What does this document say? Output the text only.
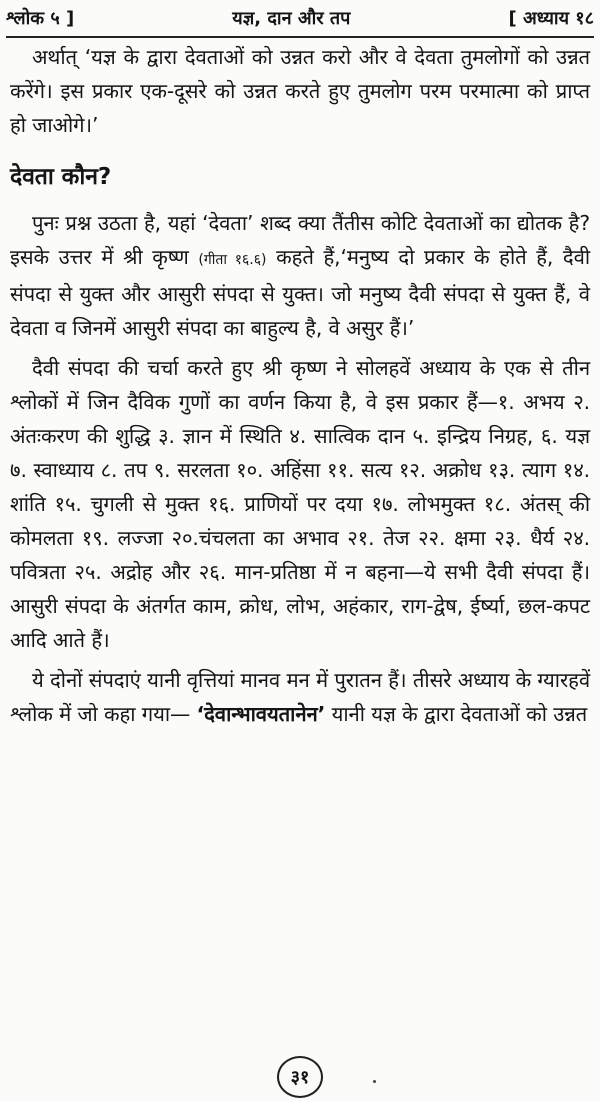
श्लोक ५ ]	यज्ञ, दान और तप	[ अध्याय १८

अर्थात् ‘यज्ञ के द्वारा देवताओं को उन्नत करो और वे देवता तुमलोगों को उन्नत करेंगे। इस प्रकार एक-दूसरे को उन्नत करते हुए तुमलोग परम परमात्मा को प्राप्त हो जाओगे।’

देवता कौन?

पुनः प्रश्न उठता है, यहां ‘देवता’ शब्द क्या तैंतीस कोटि देवताओं का द्योतक है? इसके उत्तर में श्री कृष्ण (गीता १६.६) कहते हैं,‘मनुष्य दो प्रकार के होते हैं, दैवी संपदा से युक्त और आसुरी संपदा से युक्त। जो मनुष्य दैवी संपदा से युक्त हैं, वे देवता व जिनमें आसुरी संपदा का बाहुल्य है, वे असुर हैं।’

दैवी संपदा की चर्चा करते हुए श्री कृष्ण ने सोलहवें अध्याय के एक से तीन श्लोकों में जिन दैविक गुणों का वर्णन किया है, वे इस प्रकार हैं—१. अभय २. अंतःकरण की शुद्धि ३. ज्ञान में स्थिति ४. सात्विक दान ५. इन्द्रिय निग्रह, ६. यज्ञ ७. स्वाध्याय ८. तप ९. सरलता १०. अहिंसा ११. सत्य १२. अक्रोध १३. त्याग १४. शांति १५. चुगली से मुक्त १६. प्राणियों पर दया १७. लोभमुक्त १८. अंतस् की कोमलता १९. लज्जा २०.चंचलता का अभाव २१. तेज २२. क्षमा २३. धैर्य २४. पवित्रता २५. अद्रोह और २६. मान-प्रतिष्ठा में न बहना—ये सभी दैवी संपदा हैं। आसुरी संपदा के अंतर्गत काम, क्रोध, लोभ, अहंकार, राग-द्वेष, ईर्ष्या, छल-कपट आदि आते हैं।

ये दोनों संपदाएं यानी वृत्तियां मानव मन में पुरातन हैं। तीसरे अध्याय के ग्यारहवें श्लोक में जो कहा गया— ‘देवान्भावयतानेन’ यानी यज्ञ के द्वारा देवताओं को उन्नत

३१
